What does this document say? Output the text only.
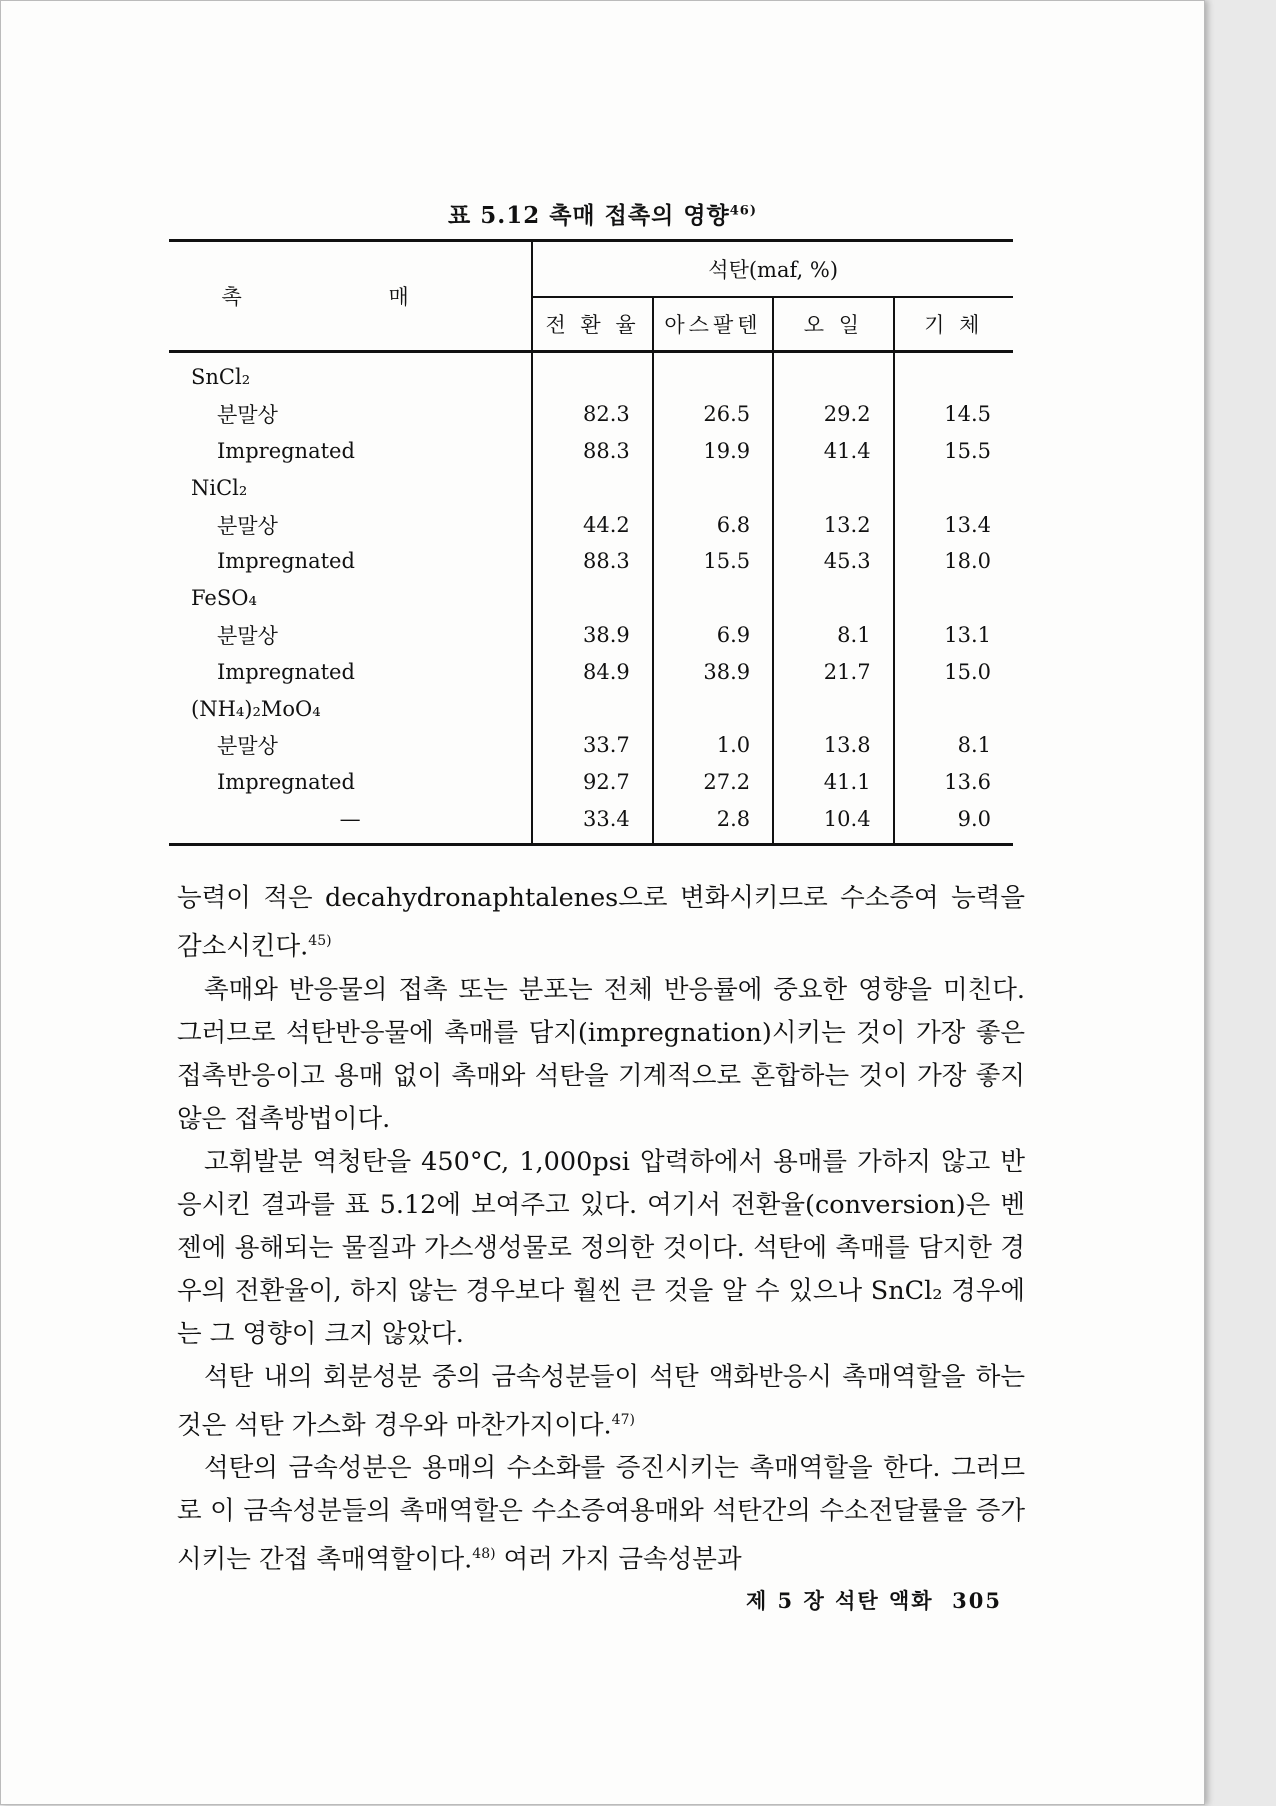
표 5.12 촉매 접촉의 영향$^{46)}$
촉 매	석탄(maf, %)			
	전 환 율	아스팔텐	오 일	기 체
SnCl₂				
분말상	82.3	26.5	29.2	14.5
Impregnated	88.3	19.9	41.4	15.5
NiCl₂				
분말상	44.2	6.8	13.2	13.4
Impregnated	88.3	15.5	45.3	18.0
FeSO₄				
분말상	38.9	6.9	8.1	13.1
Impregnated	84.9	38.9	21.7	15.0
(NH₄)₂MoO₄				
분말상	33.7	1.0	13.8	8.1
Impregnated	92.7	27.2	41.1	13.6
—	33.4	2.8	10.4	9.0

능력이 적은 decahydronaphtalenes으로 변화시키므로 수소증여 능력을 감소시킨다.$^{45)}$

촉매와 반응물의 접촉 또는 분포는 전체 반응률에 중요한 영향을 미친다. 그러므로 석탄반응물에 촉매를 담지(impregnation)시키는 것이 가장 좋은 접촉반응이고 용매 없이 촉매와 석탄을 기계적으로 혼합하는 것이 가장 좋지 않은 접촉방법이다.

고휘발분 역청탄을 450°C, 1,000psi 압력하에서 용매를 가하지 않고 반응시킨 결과를 표 5.12에 보여주고 있다. 여기서 전환율(conversion)은 벤젠에 용해되는 물질과 가스생성물로 정의한 것이다. 석탄에 촉매를 담지한 경우의 전환율이, 하지 않는 경우보다 훨씬 큰 것을 알 수 있으나 SnCl₂ 경우에는 그 영향이 크지 않았다.

석탄 내의 회분성분 중의 금속성분들이 석탄 액화반응시 촉매역할을 하는 것은 석탄 가스화 경우와 마찬가지이다.$^{47)}$

석탄의 금속성분은 용매의 수소화를 증진시키는 촉매역할을 한다. 그러므로 이 금속성분들의 촉매역할은 수소증여용매와 석탄간의 수소전달률을 증가시키는 간접 촉매역할이다.$^{48)}$ 여러 가지 금속성분과

제 5 장 석탄 액화 305
